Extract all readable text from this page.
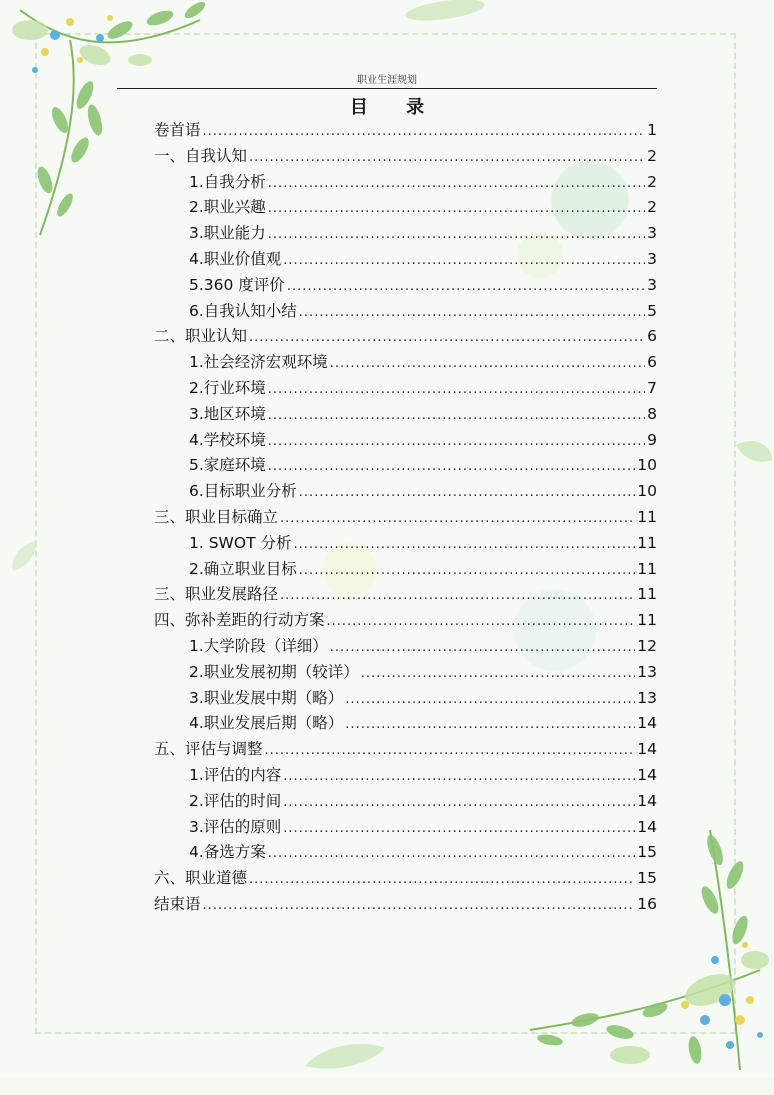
职业生涯规划
目 录
卷首语 .....	1
一、自我认知 .....	2
1.自我分析 .....	2
2.职业兴趣 .....	2
3.职业能力 .....	3
4.职业价值观 .....	3
5.360 度评价 .....	3
6.自我认知小结 .....	5
二、职业认知 .....	6
1.社会经济宏观环境 .....	6
2.行业环境 .....	7
3.地区环境 .....	8
4.学校环境 .....	9
5.家庭环境 .....	10
6.目标职业分析 .....	10
三、职业目标确立 .....	11
1. SWOT 分析 .....	11
2.确立职业目标 .....	11
三、职业发展路径 .....	11
四、弥补差距的行动方案 .....	11
1.大学阶段（详细） .....	12
2.职业发展初期（较详） .....	13
3.职业发展中期（略） .....	13
4.职业发展后期（略） .....	14
五、评估与调整 .....	14
1.评估的内容 .....	14
2.评估的时间 .....	14
3.评估的原则 .....	14
4.备选方案 .....	15
六、职业道德 .....	15
结束语 .....	16
